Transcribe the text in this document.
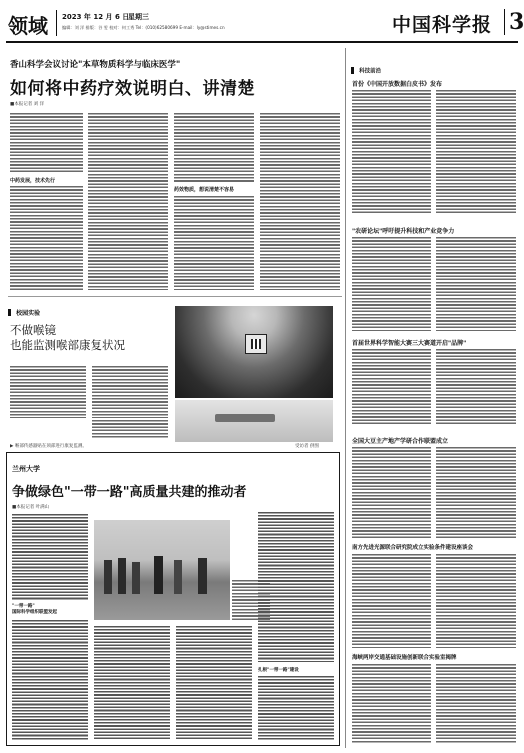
领域 2023 年 12 月 6 日
星期三
编辑：刘 洋 排版：谷 雯 校对：何工秀 Tel：(010)62580699 E-mail：ly@stimes.cn	中国科学报 3
香山科学会议讨论"本草物质科学与临床医学"
如何将中药疗效说明白、讲清楚
■本报记者 刘 洋
中药发展，技术先行
药效物质，想说清楚不容易
校园实验
不做喉镜
也能监测喉部康复状况
▶ 喉部传感器贴在颈部进行康复监测。	受访者 供图
兰州大学
争做绿色"一带一路"高质量共建的推动者
■本报记者 叶满山
"一带一路"
国际科学组织联盟发起
扎根"一带一路"建设
科技前沿
首份《中国开放数据白皮书》发布
"农研论坛"呼吁提升科技和产业竞争力
首届世界科学智能大赛三大赛道开启"品牌"
全国大豆主产地产学研合作联盟成立
南方先进光源联合研究院成立实验条件建设座谈会
海峡两岸交通基础设施创新联合实验室揭牌
